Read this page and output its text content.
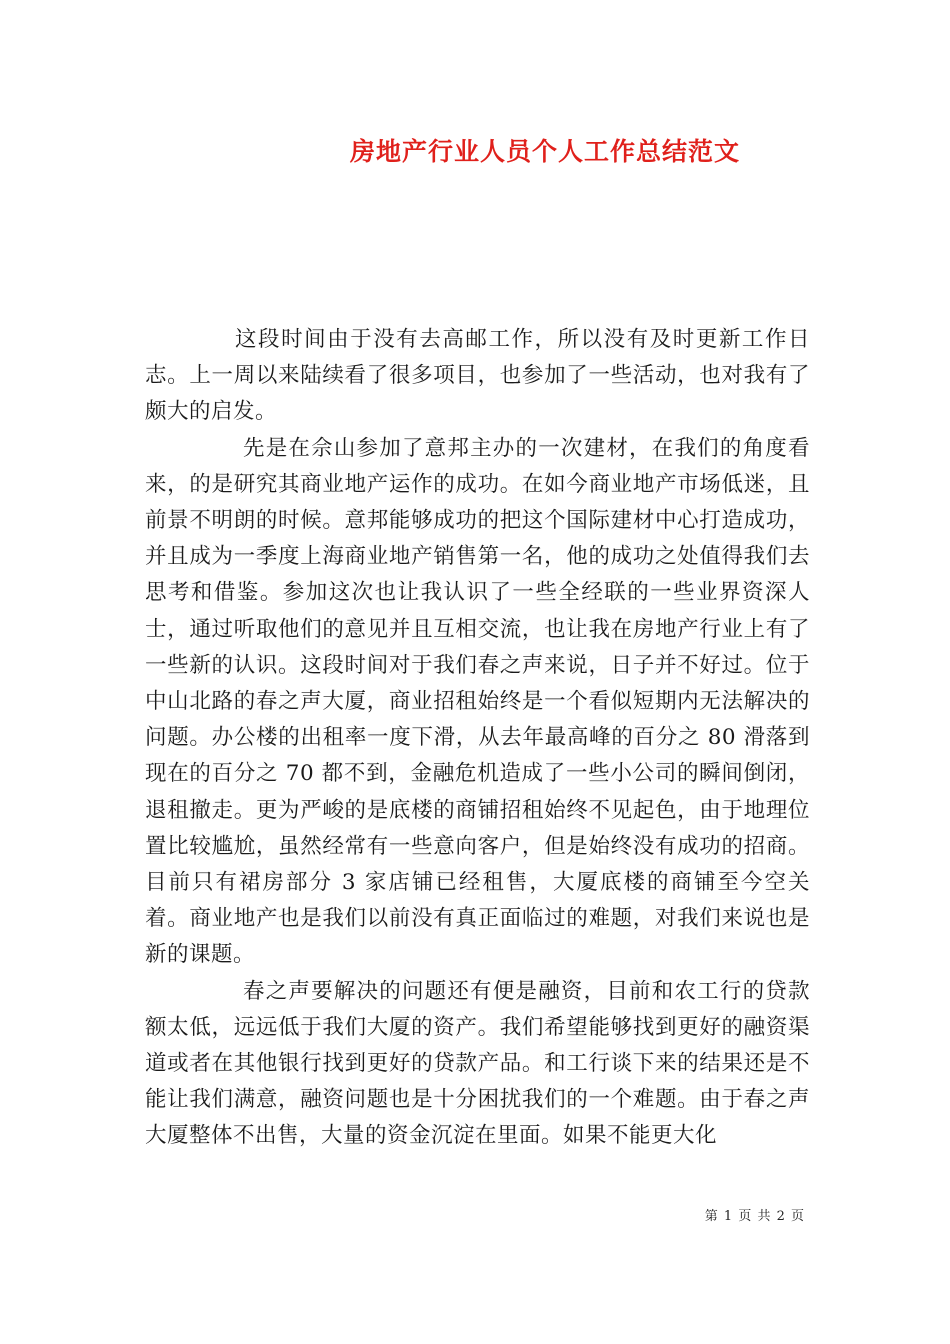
房地产行业人员个人工作总结范文

这段时间由于没有去高邮工作，所以没有及时更新工作日志。上一周以来陆续看了很多项目，也参加了一些活动，也对我有了颇大的启发。

先是在佘山参加了意邦主办的一次建材，在我们的角度看来，的是研究其商业地产运作的成功。在如今商业地产市场低迷，且前景不明朗的时候。意邦能够成功的把这个国际建材中心打造成功，并且成为一季度上海商业地产销售第一名，他的成功之处值得我们去思考和借鉴。参加这次也让我认识了一些全经联的一些业界资深人士，通过听取他们的意见并且互相交流，也让我在房地产行业上有了一些新的认识。这段时间对于我们春之声来说，日子并不好过。位于中山北路的春之声大厦，商业招租始终是一个看似短期内无法解决的问题。办公楼的出租率一度下滑，从去年最高峰的百分之 80 滑落到现在的百分之 70 都不到，金融危机造成了一些小公司的瞬间倒闭，退租撤走。更为严峻的是底楼的商铺招租始终不见起色，由于地理位置比较尴尬，虽然经常有一些意向客户，但是始终没有成功的招商。目前只有裙房部分 3 家店铺已经租售，大厦底楼的商铺至今空关着。商业地产也是我们以前没有真正面临过的难题，对我们来说也是新的课题。

春之声要解决的问题还有便是融资，目前和农工行的贷款额太低，远远低于我们大厦的资产。我们希望能够找到更好的融资渠道或者在其他银行找到更好的贷款产品。和工行谈下来的结果还是不能让我们满意，融资问题也是十分困扰我们的一个难题。由于春之声大厦整体不出售，大量的资金沉淀在里面。如果不能更大化

第 1 页 共 2 页
